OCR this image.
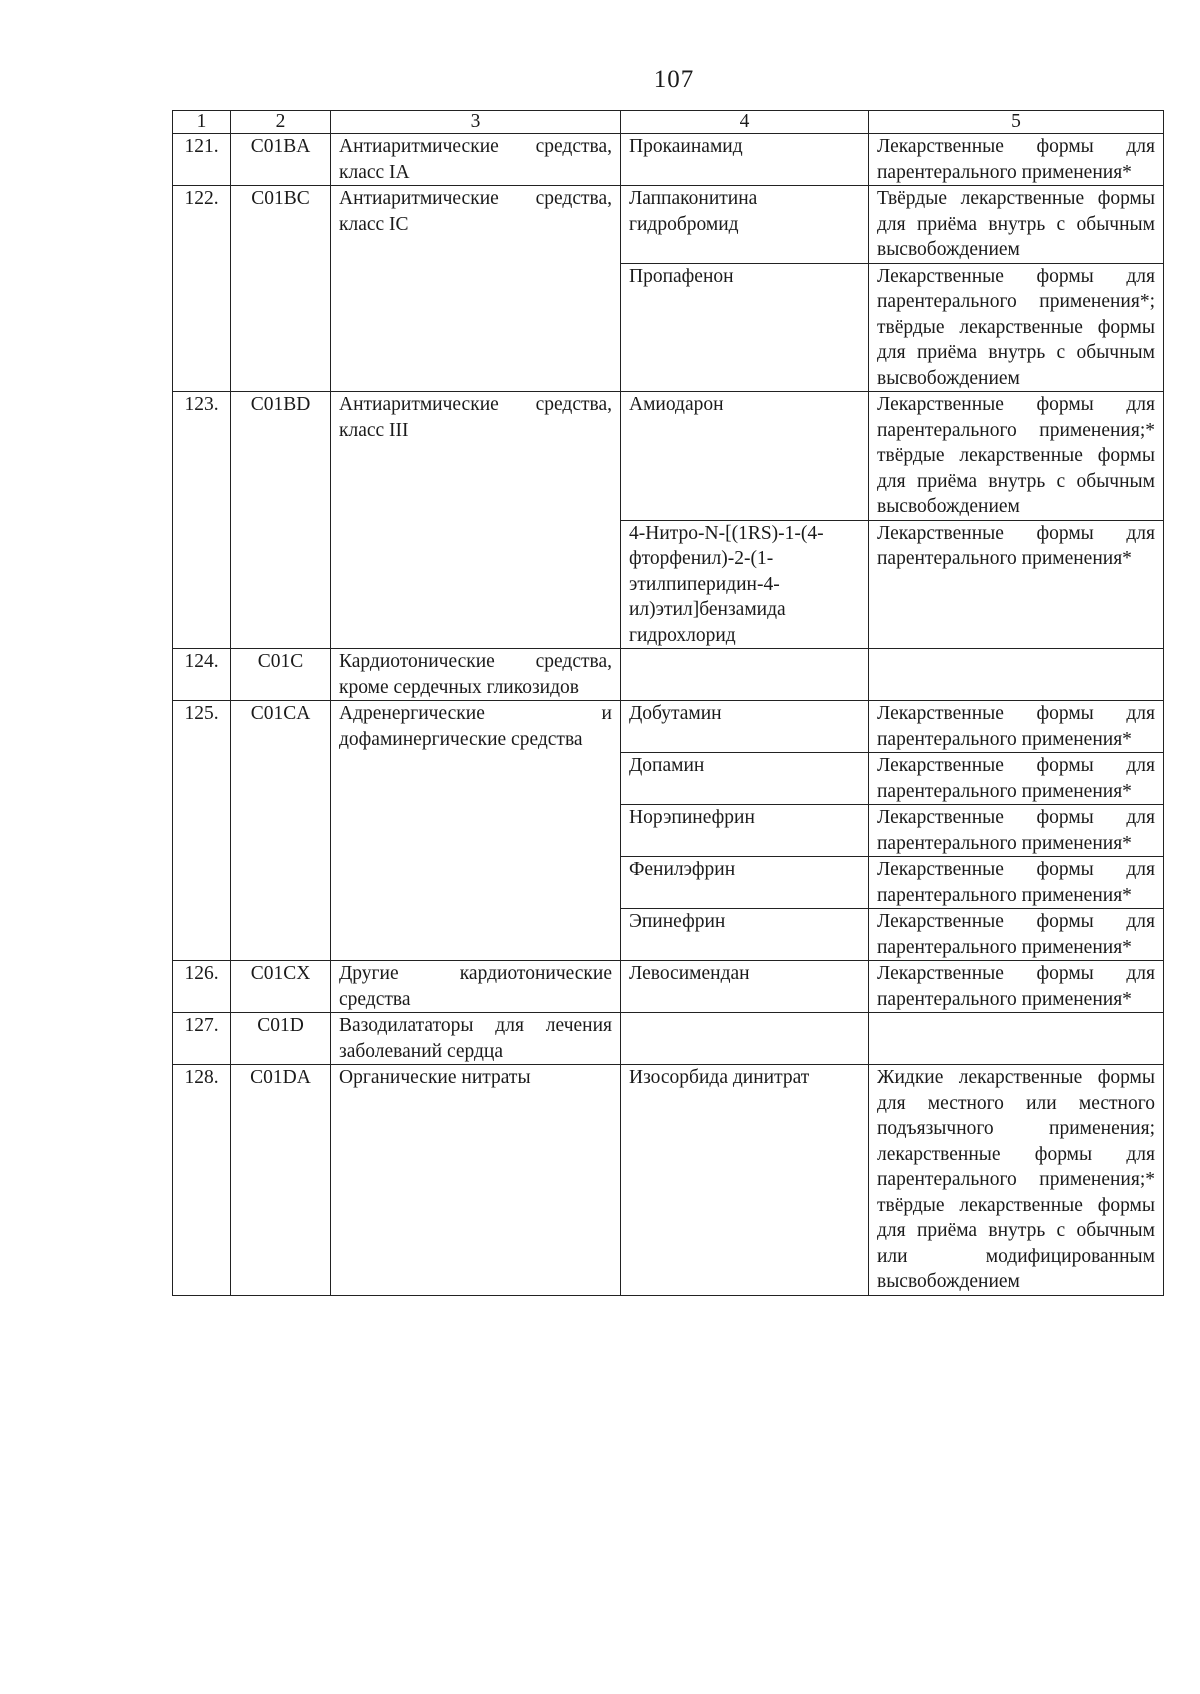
107
1	2	3	4	5
121.	C01BA	Антиаритмические средства, класс IA	Прокаинамид	Лекарственные формы для парентерального применения*
122.	C01BC	Антиаритмические средства, класс IC	Лаппаконитина гидробромид	Твёрдые лекарственные формы для приёма внутрь с обычным высвобождением
			Пропафенон	Лекарственные формы для парентерального применения*; твёрдые лекарственные формы для приёма внутрь с обычным высвобождением
123.	C01BD	Антиаритмические средства, класс III	Амиодарон	Лекарственные формы для парентерального применения;* твёрдые лекарственные формы для приёма внутрь с обычным высвобождением
			4-Нитро-N-[(1RS)-1-(4-фторфенил)-2-(1-этилпиперидин-4-ил)этил]бензамида гидрохлорид	Лекарственные формы для парентерального применения*
124.	C01C	Кардиотонические средства, кроме сердечных гликозидов		
125.	C01CA	Адренергические и дофаминергические средства	Добутамин	Лекарственные формы для парентерального применения*
			Допамин	Лекарственные формы для парентерального применения*
			Норэпинефрин	Лекарственные формы для парентерального применения*
			Фенилэфрин	Лекарственные формы для парентерального применения*
			Эпинефрин	Лекарственные формы для парентерального применения*
126.	C01CX	Другие кардиотонические средства	Левосимендан	Лекарственные формы для парентерального применения*
127.	C01D	Вазодилататоры для лечения заболеваний сердца		
128.	C01DA	Органические нитраты	Изосорбида динитрат	Жидкие лекарственные формы для местного или местного подъязычного применения; лекарственные формы для парентерального применения;* твёрдые лекарственные формы для приёма внутрь с обычным или модифицированным высвобождением
